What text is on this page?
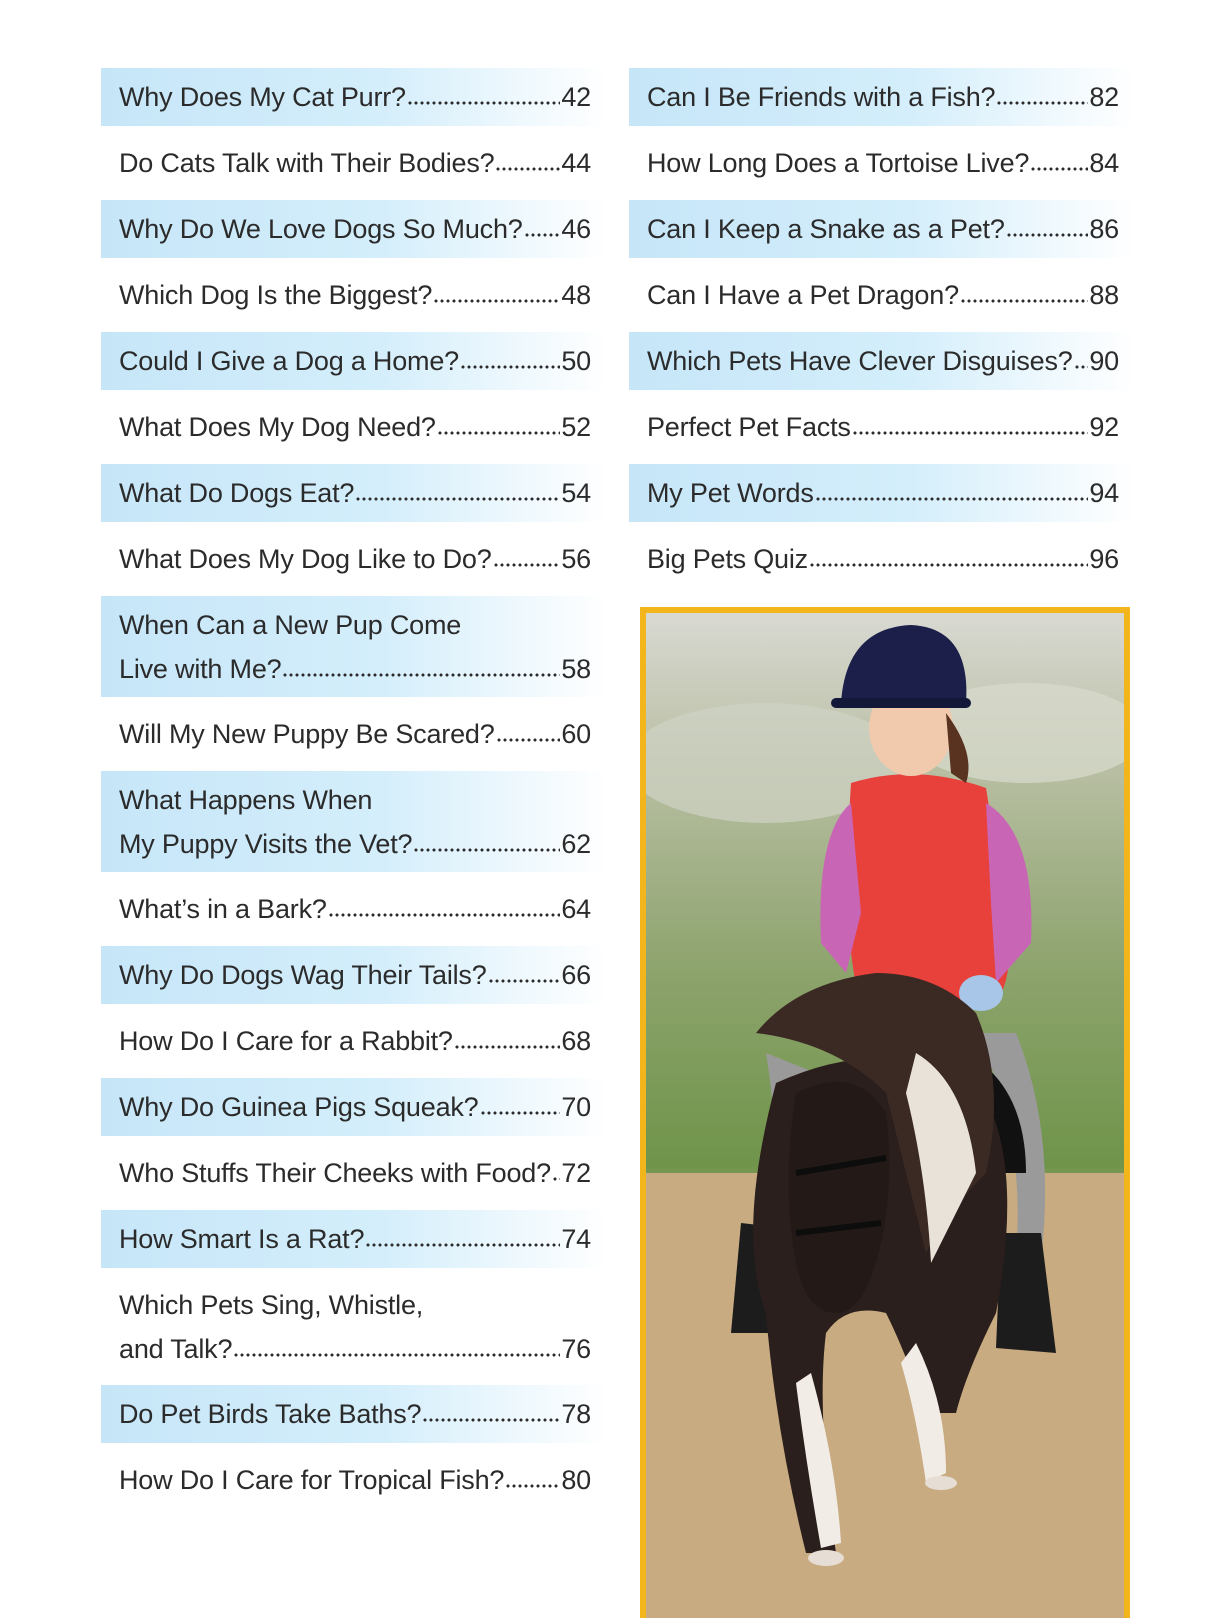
Why Does My Cat Purr?	42
Do Cats Talk with Their Bodies? 44
Why Do We Love Dogs So Much? 46
Which Dog Is the Biggest?	48
Could I Give a Dog a Home?	50
What Does My Dog Need?	52
What Do Dogs Eat?	54
What Does My Dog Like to Do?	56
When Can a New Pup Come
Live with Me?	58
Will My New Puppy Be Scared? 60
What Happens When
My Puppy Visits the Vet?	62
What’s in a Bark?	64
Why Do Dogs Wag Their Tails?	66
How Do I Care for a Rabbit?	68
Why Do Guinea Pigs Squeak?	70
Who Stuffs Their Cheeks with Food? 72
How Smart Is a Rat?	74
Which Pets Sing, Whistle,
and Talk?	76
Do Pet Birds Take Baths?	78
How Do I Care for Tropical Fish? 80
Can I Be Friends with a Fish?	82
How Long Does a Tortoise Live? 84
Can I Keep a Snake as a Pet?	86
Can I Have a Pet Dragon?	88
Which Pets Have Clever Disguises? 90
Perfect Pet Facts	92
My Pet Words	94
Big Pets Quiz	96
